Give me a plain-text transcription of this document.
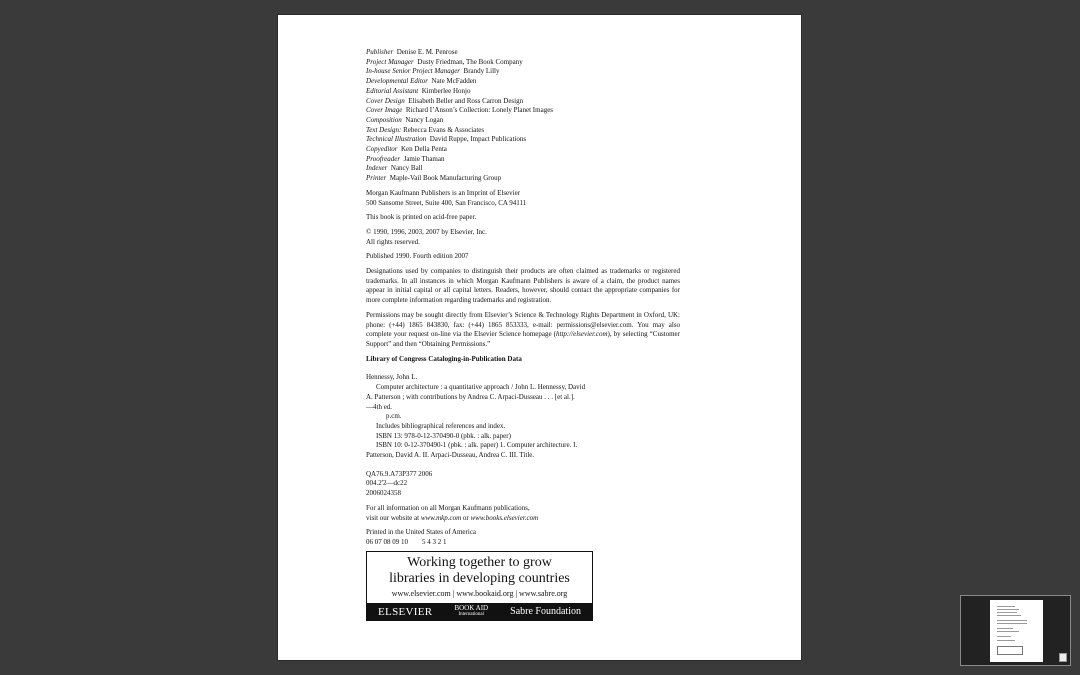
Publisher Denise E. M. Penrose
Project Manager Dusty Friedman, The Book Company
In-house Senior Project Manager Brandy Lilly
Developmental Editor Nate McFadden
Editorial Assistant Kimberlee Honjo
Cover Design Elisabeth Beller and Ross Carron Design
Cover Image Richard I’Anson’s Collection: Lonely Planet Images
Composition Nancy Logan
Text Design: Rebecca Evans & Associates
Technical Illustration David Ruppe, Impact Publications
Copyeditor Ken Della Penta
Proofreader Jamie Thaman
Indexer Nancy Ball
Printer Maple-Vail Book Manufacturing Group

Morgan Kaufmann Publishers is an Imprint of Elsevier

500 Sansome Street, Suite 400, San Francisco, CA 94111

This book is printed on acid-free paper.

© 1990, 1996, 2003, 2007 by Elsevier, Inc.

All rights reserved.

Published 1990. Fourth edition 2007

Designations used by companies to distinguish their products are often claimed as trademarks or registered trademarks. In all instances in which Morgan Kaufmann Publishers is aware of a claim, the product names appear in initial capital or all capital letters. Readers, however, should contact the appropriate companies for more complete information regarding trademarks and registration.

Permissions may be sought directly from Elsevier’s Science & Technology Rights Department in Oxford, UK: phone: (+44) 1865 843830, fax: (+44) 1865 853333, e-mail: permissions@elsevier.com. You may also complete your request on-line via the Elsevier Science homepage (http://elsevier.com), by selecting “Customer Support” and then “Obtaining Permissions.”

Library of Congress Cataloging-in-Publication Data

Hennessy, John L.

Computer architecture : a quantitative approach / John L. Hennessy, David

A. Patterson ; with contributions by Andrea C. Arpaci-Dusseau . . . [et al.].

—4th ed.

p.cm.

Includes bibliographical references and index.

ISBN 13: 978-0-12-370490-0 (pbk. : alk. paper)

ISBN 10: 0-12-370490-1 (pbk. : alk. paper) 1. Computer architecture. I.

Patterson, David A. II. Arpaci-Dusseau, Andrea C. III. Title.

QA76.9.A73P377 2006

004.2'2—dc22

2006024358

For all information on all Morgan Kaufmann publications,

visit our website at www.mkp.com or www.books.elsevier.com

Printed in the United States of America

06 07 08 09 10 5 4 3 2 1

Working together to grow
libraries in developing countries
www.elsevier.com | www.bookaid.org | www.sabre.org
ELSEVIER	BOOK AID
International	Sabre Foundation
